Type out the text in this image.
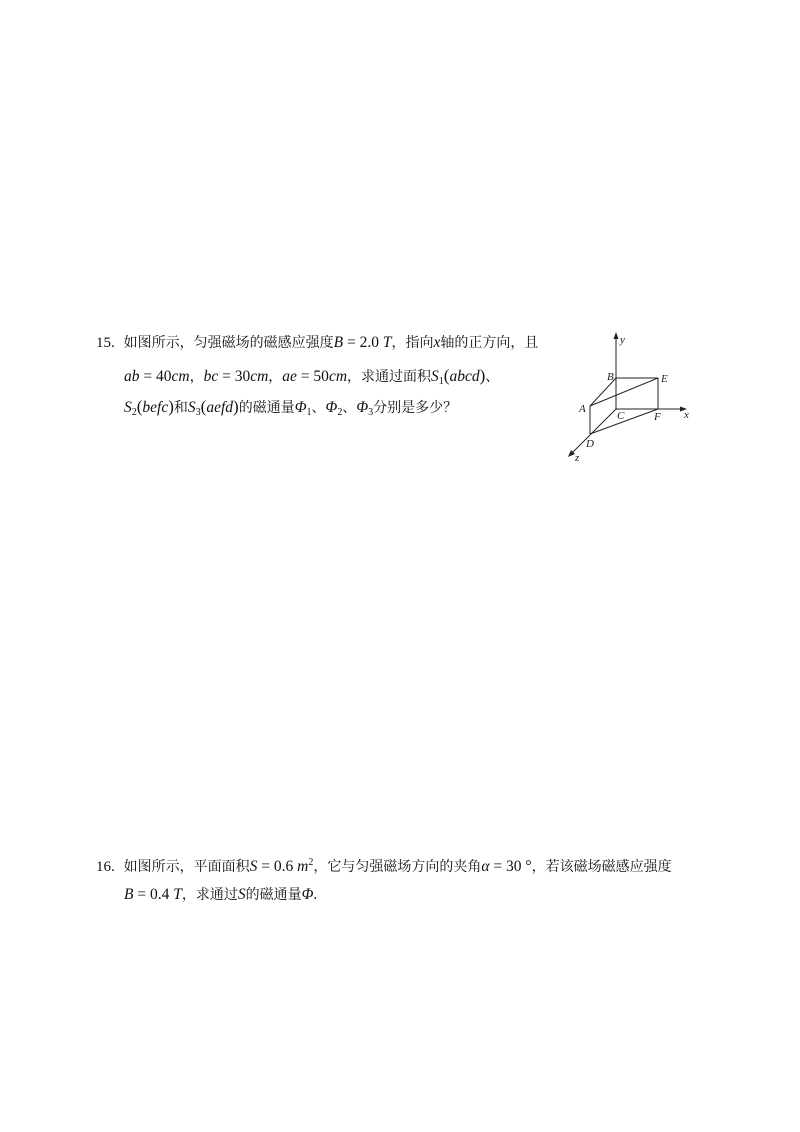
15. 如图所示，匀强磁场的磁感应强度B = 2.0 T，指向x轴的正方向，且
ab = 40cm，bc = 30cm，ae = 50cm，求通过面积$S_1(abcd)$、
$S_2(befc)$和$S_3(aefd)$的磁通量$\Phi_1$、$\Phi_2$、$\Phi_3$分别是多少？
y
x
z
B	E
A
C	F
D
16. 如图所示，平面面积S = 0.6 $m^2$，它与匀强磁场方向的夹角α = 30 °，若该磁场磁感应强度
B = 0.4 T，求通过S的磁通量Φ.
